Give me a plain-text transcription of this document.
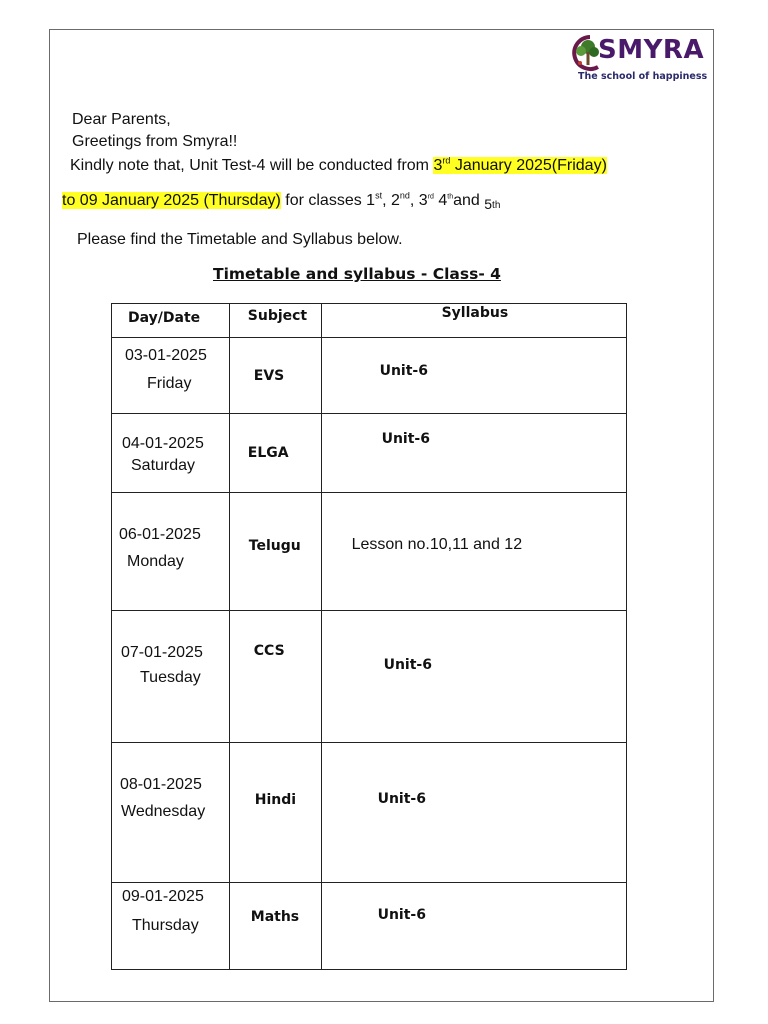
SMYRA
The school of happiness
Dear Parents,
Greetings from Smyra!!
Kindly note that, Unit Test-4 will be conducted from 3rd January 2025(Friday)
to 09 January 2025 (Thursday) for classes 1st, 2nd, 3rd 4thand 5th
Please find the Timetable and Syllabus below.
Timetable and syllabus - Class- 4
Day/Date	Subject	Syllabus

03-01-2025
Friday	EVS	Unit-6

04-01-2025
Saturday	ELGA	Unit-6

06-01-2025
Monday	Telugu	Lesson no.10,11 and 12

07-01-2025
Tuesday	CCS	Unit-6

08-01-2025
Wednesday	Hindi	Unit-6

09-01-2025
Thursday	Maths	Unit-6
